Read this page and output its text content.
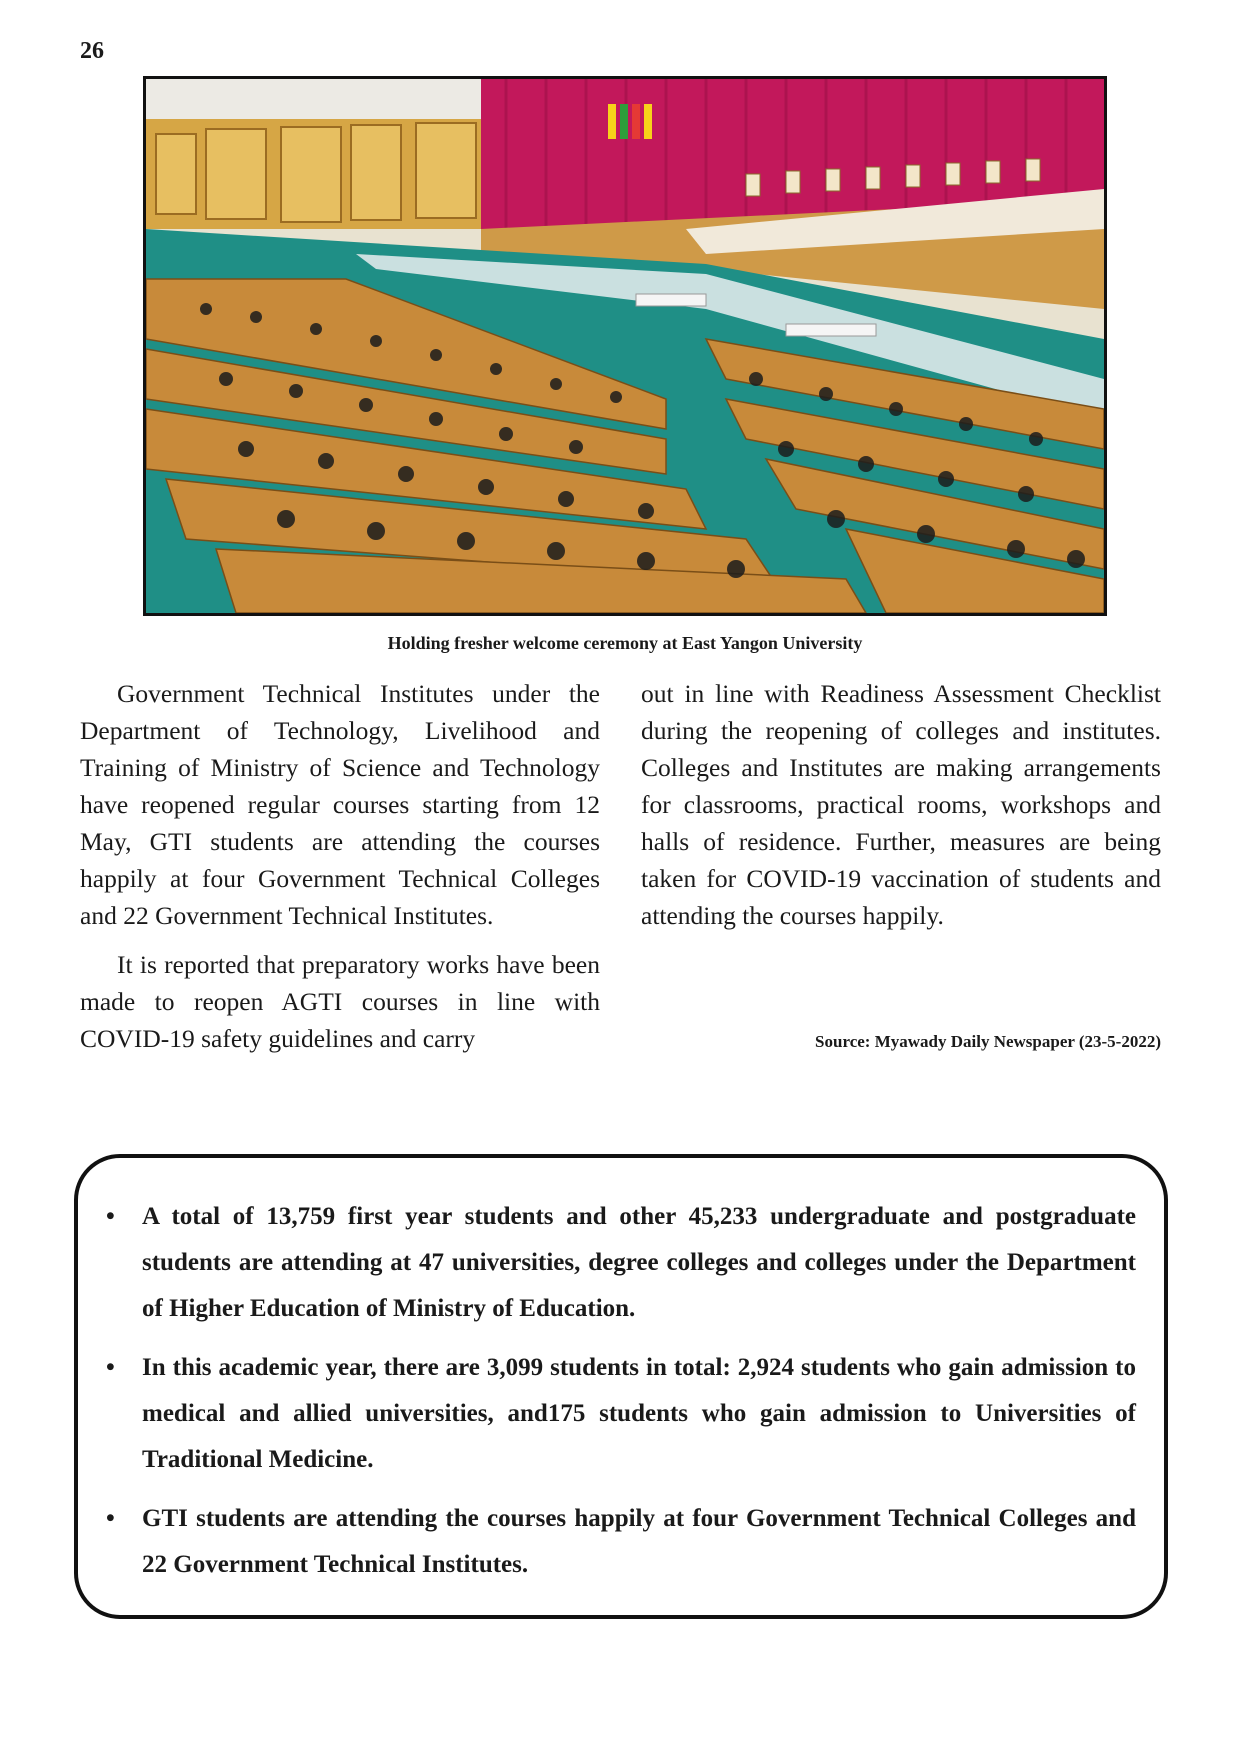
26
Holding fresher welcome ceremony at East Yangon University

Government Technical Institutes under the Department of Technology, Livelihood and Training of Ministry of Science and Technology have reopened regular courses starting from 12 May, GTI students are attending the courses happily at four Government Technical Colleges and 22 Government Technical Institutes.

It is reported that preparatory works have been made to reopen AGTI courses in line with COVID-19 safety guidelines and carry

out in line with Readiness Assessment Checklist during the reopening of colleges and institutes. Colleges and Institutes are making arrangements for classrooms, practical rooms, workshops and halls of residence. Further, measures are being taken for COVID-19 vaccination of students and attending the courses happily.

Source: Myawady Daily Newspaper (23-5-2022)
• A total of 13,759 first year students and other 45,233 undergraduate and postgraduate students are attending at 47 universities, degree colleges and colleges under the Department of Higher Education of Ministry of Education.
• In this academic year, there are 3,099 students in total: 2,924 students who gain admission to medical and allied universities, and175 students who gain admission to Universities of Traditional Medicine.
• GTI students are attending the courses happily at four Government Technical Colleges and 22 Government Technical Institutes.
